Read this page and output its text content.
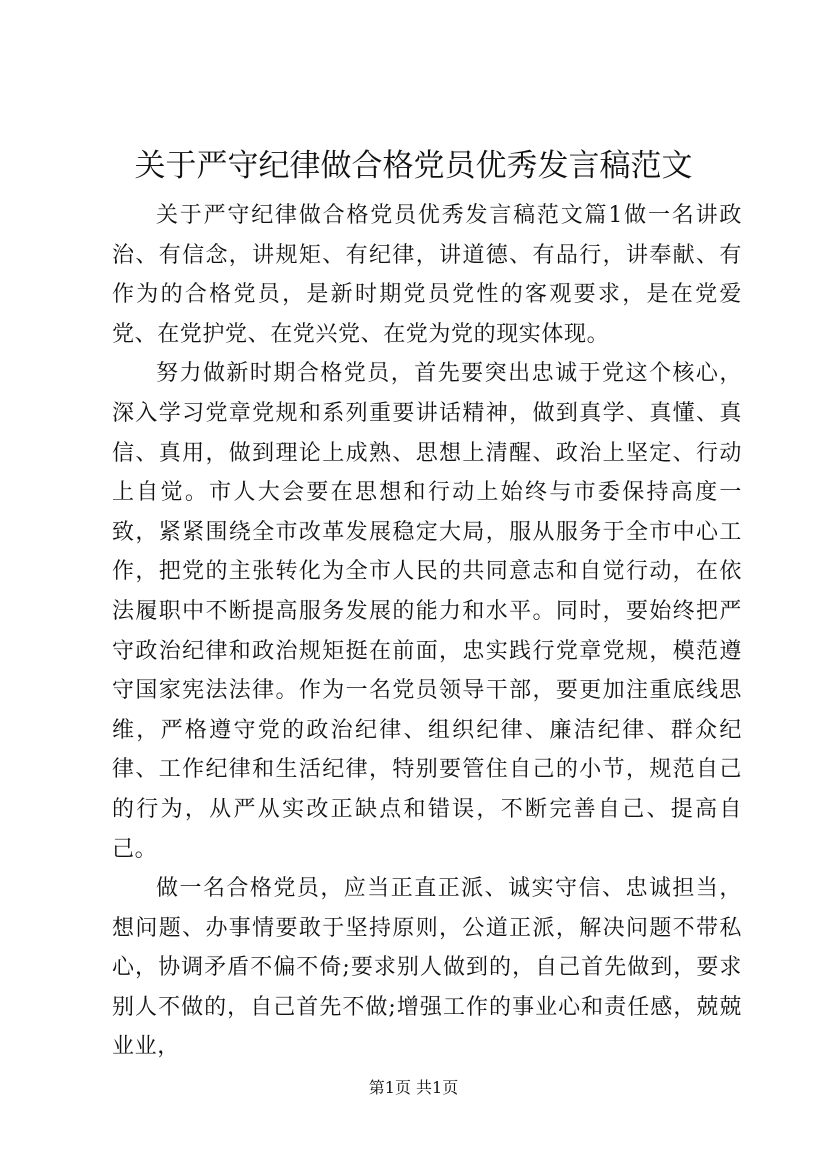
关于严守纪律做合格党员优秀发言稿范文

关于严守纪律做合格党员优秀发言稿范文篇1做一名讲政治、有信念，讲规矩、有纪律，讲道德、有品行，讲奉献、有作为的合格党员，是新时期党员党性的客观要求，是在党爱党、在党护党、在党兴党、在党为党的现实体现。

努力做新时期合格党员，首先要突出忠诚于党这个核心，深入学习党章党规和系列重要讲话精神，做到真学、真懂、真信、真用，做到理论上成熟、思想上清醒、政治上坚定、行动上自觉。市人大会要在思想和行动上始终与市委保持高度一致，紧紧围绕全市改革发展稳定大局，服从服务于全市中心工作，把党的主张转化为全市人民的共同意志和自觉行动，在依法履职中不断提高服务发展的能力和水平。同时，要始终把严守政治纪律和政治规矩挺在前面，忠实践行党章党规，模范遵守国家宪法法律。作为一名党员领导干部，要更加注重底线思维，严格遵守党的政治纪律、组织纪律、廉洁纪律、群众纪律、工作纪律和生活纪律，特别要管住自己的小节，规范自己的行为，从严从实改正缺点和错误，不断完善自己、提高自己。

做一名合格党员，应当正直正派、诚实守信、忠诚担当，想问题、办事情要敢于坚持原则，公道正派，解决问题不带私心，协调矛盾不偏不倚;要求别人做到的，自己首先做到，要求别人不做的，自己首先不做;增强工作的事业心和责任感，兢兢业业，

第1页 共1页
